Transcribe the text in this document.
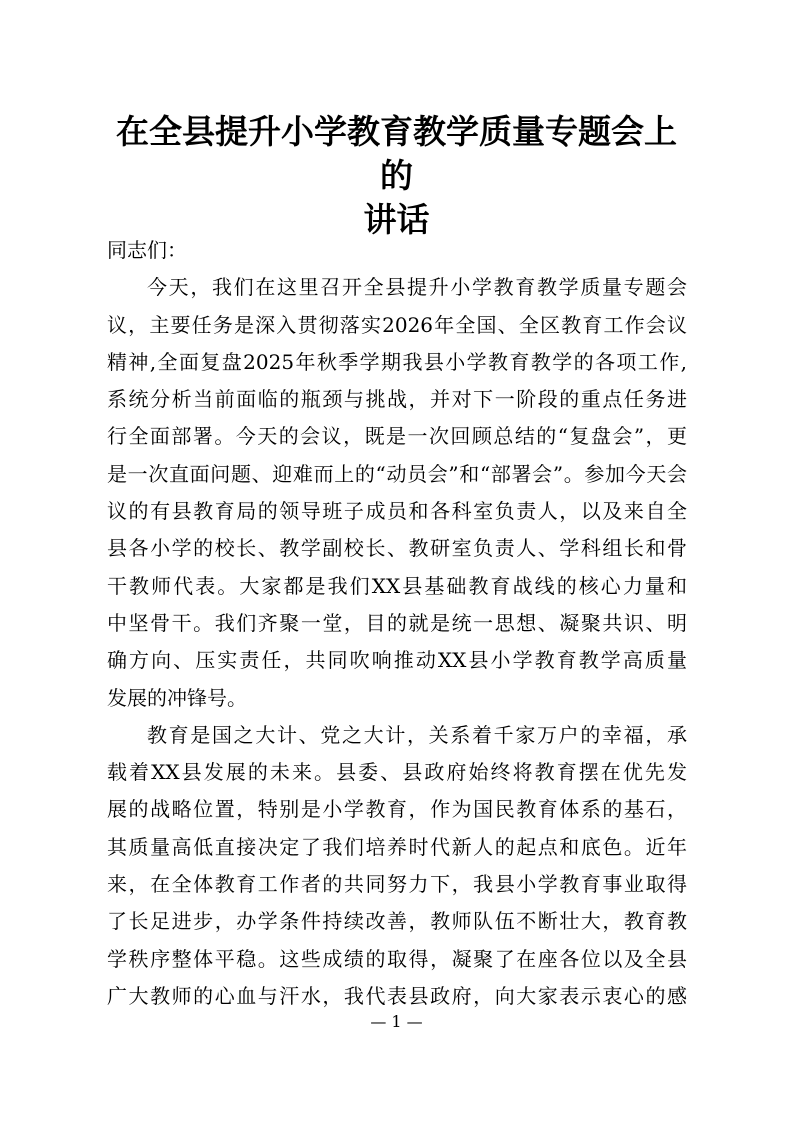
在全县提升小学教育教学质量专题会上的
讲话
同志们：
今天，我们在这里召开全县提升小学教育教学质量专题会
议，主要任务是深入贯彻落实2026年全国、全区教育工作会议
精神,全面复盘2025年秋季学期我县小学教育教学的各项工作,
系统分析当前面临的瓶颈与挑战，并对下一阶段的重点任务进
行全面部署。今天的会议，既是一次回顾总结的“复盘会”，更
是一次直面问题、迎难而上的“动员会”和“部署会”。参加今天会
议的有县教育局的领导班子成员和各科室负责人，以及来自全
县各小学的校长、教学副校长、教研室负责人、学科组长和骨
干教师代表。大家都是我们XX县基础教育战线的核心力量和
中坚骨干。我们齐聚一堂，目的就是统一思想、凝聚共识、明
确方向、压实责任，共同吹响推动XX县小学教育教学高质量
发展的冲锋号。
教育是国之大计、党之大计，关系着千家万户的幸福，承
载着XX县发展的未来。县委、县政府始终将教育摆在优先发
展的战略位置，特别是小学教育，作为国民教育体系的基石，
其质量高低直接决定了我们培养时代新人的起点和底色。近年
来，在全体教育工作者的共同努力下，我县小学教育事业取得
了长足进步，办学条件持续改善，教师队伍不断壮大，教育教
学秩序整体平稳。这些成绩的取得，凝聚了在座各位以及全县
广大教师的心血与汗水，我代表县政府，向大家表示衷心的感
— 1 —
